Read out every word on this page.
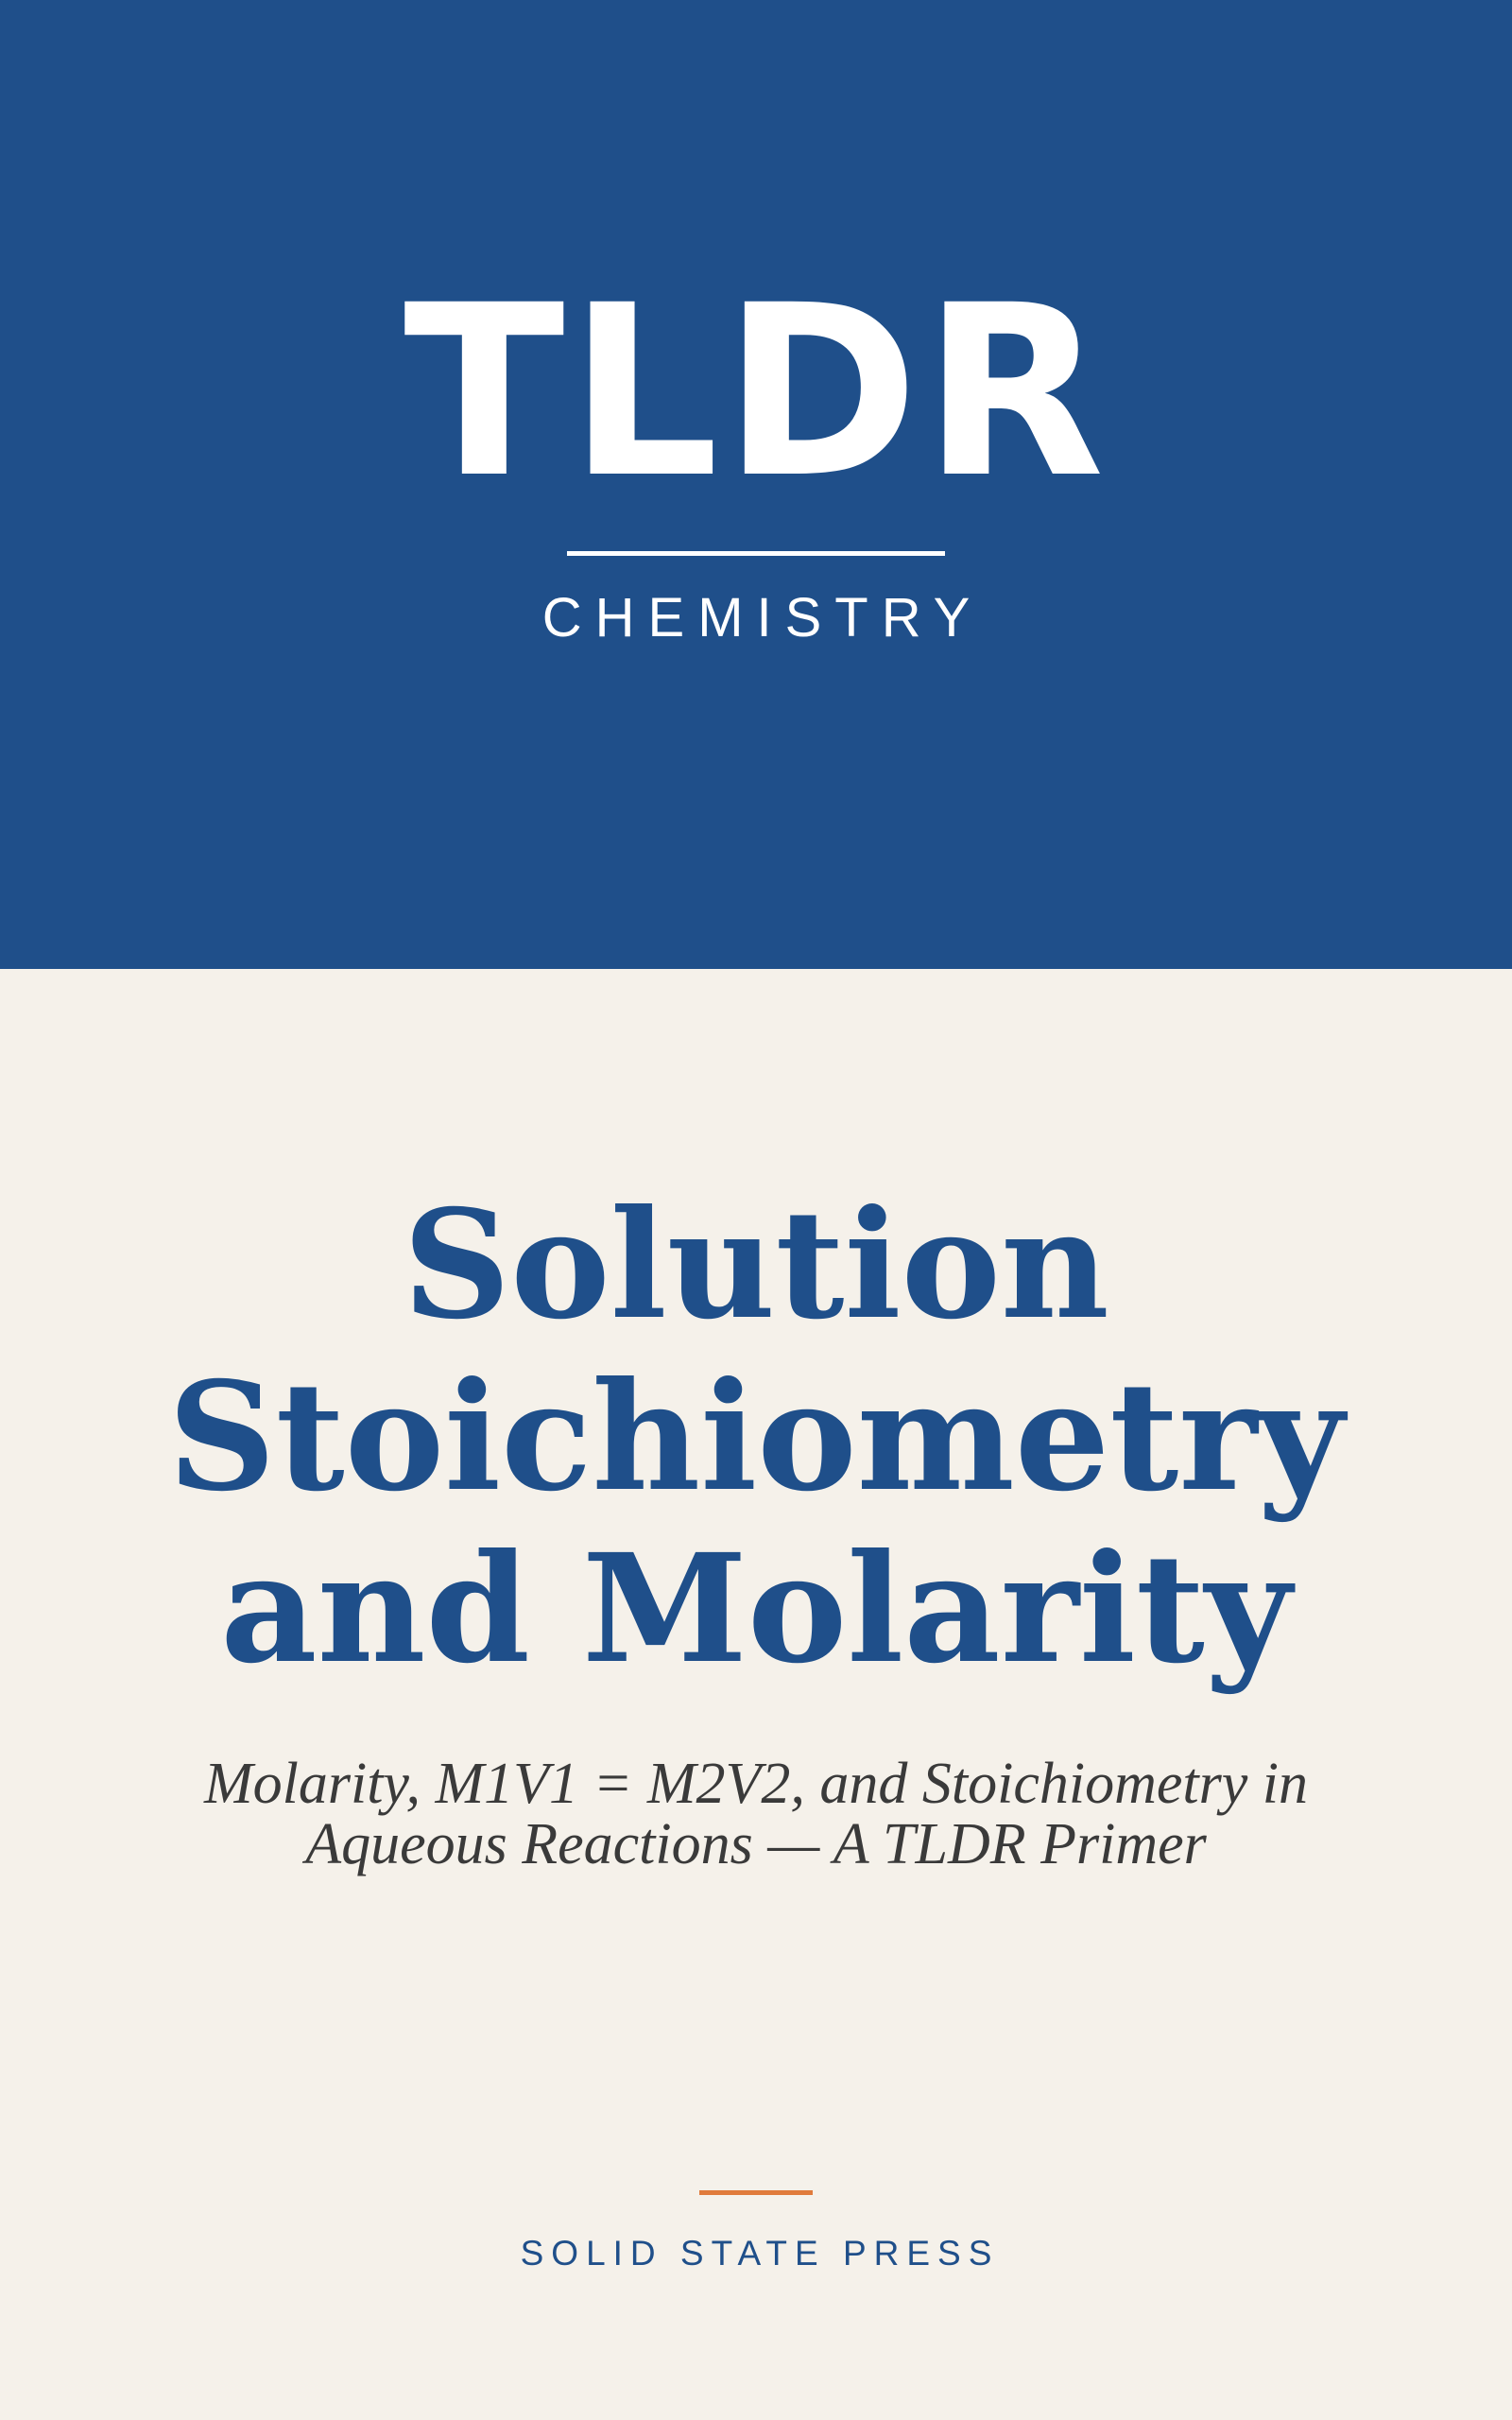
TLDR
CHEMISTRY
Solution
Stoichiometry
and Molarity
Molarity, M1V1 = M2V2, and Stoichiometry in
Aqueous Reactions — A TLDR Primer
SOLID STATE PRESS
